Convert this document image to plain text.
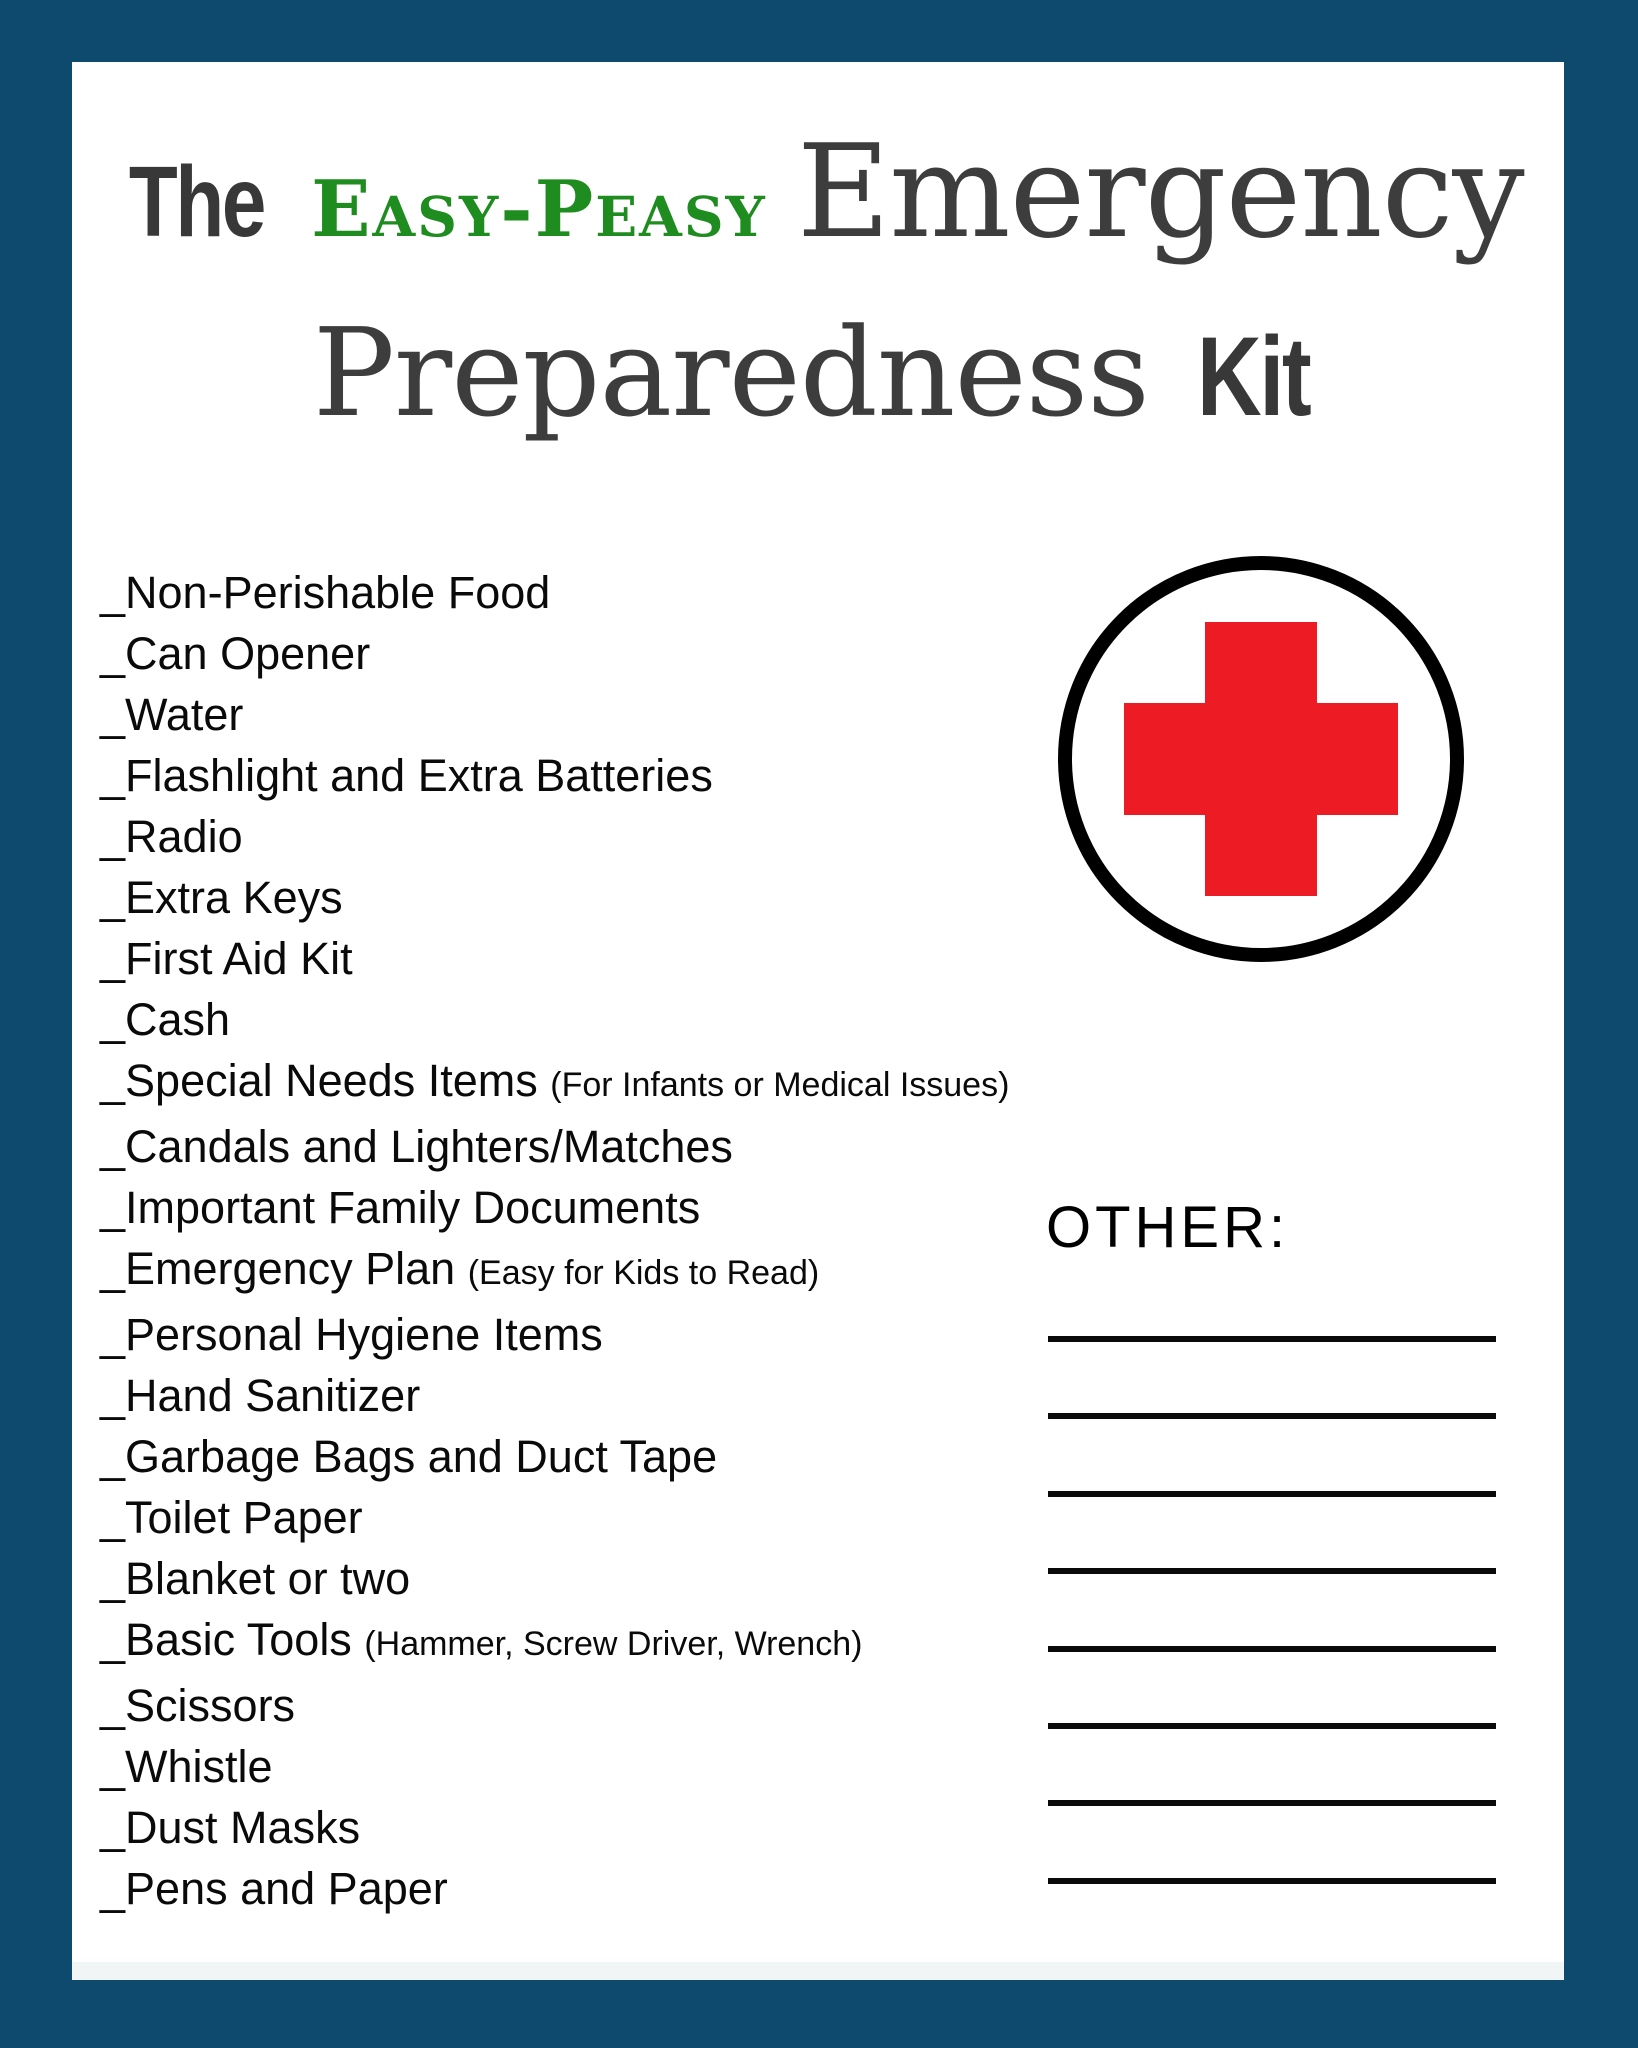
The Easy-Peasy Emergency
Preparedness Kit
_Non-Perishable Food
_Can Opener
_Water
_Flashlight and Extra Batteries
_Radio
_Extra Keys
_First Aid Kit
_Cash
_Special Needs Items (For Infants or Medical Issues)
_Candals and Lighters/Matches
_Important Family Documents
_Emergency Plan (Easy for Kids to Read)
_Personal Hygiene Items
_Hand Sanitizer
_Garbage Bags and Duct Tape
_Toilet Paper
_Blanket or two
_Basic Tools (Hammer, Screw Driver, Wrench)
_Scissors
_Whistle
_Dust Masks
_Pens and Paper
OTHER:
